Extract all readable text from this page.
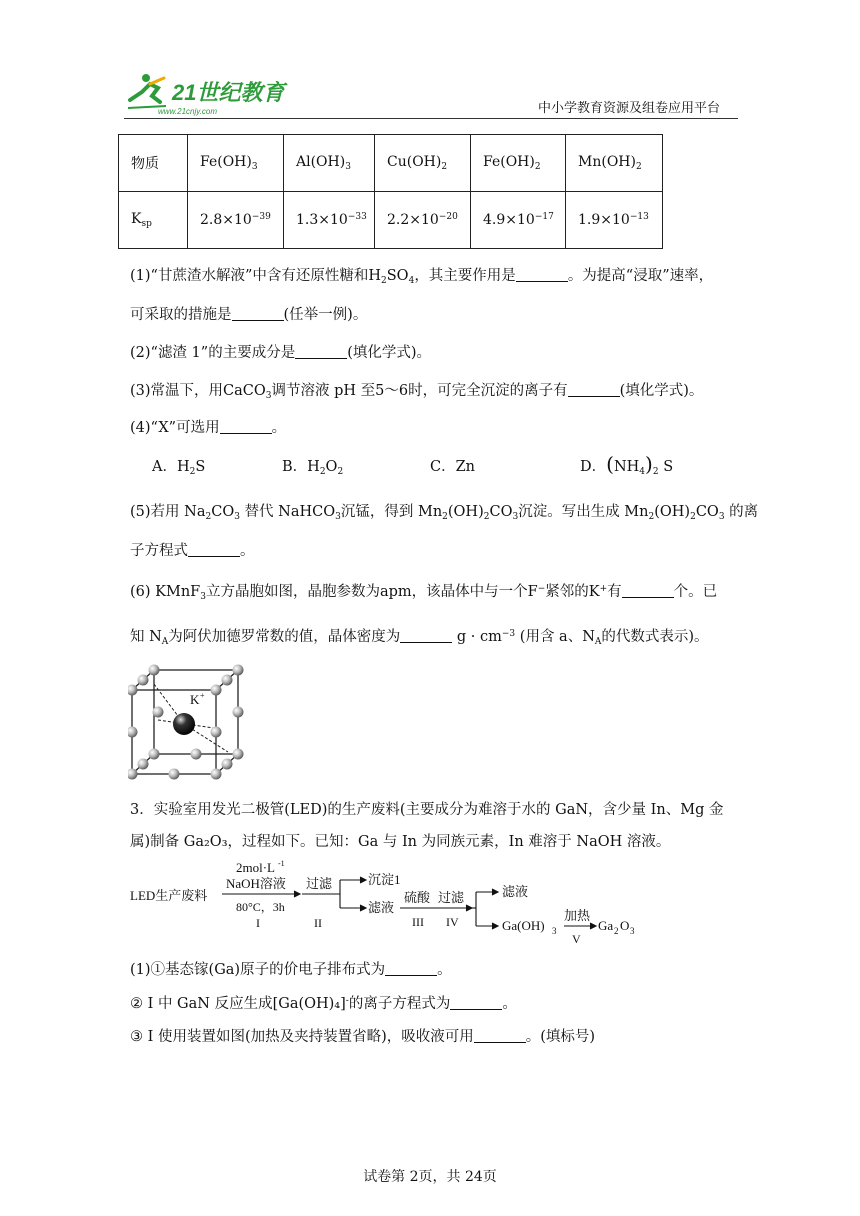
21世纪教育
www.21cnjy.com	中小学教育资源及组卷应用平台
物质	$Fe(OH)_3$	$Al(OH)_3$	$Cu(OH)_2$	$Fe(OH)_2$	$Mn(OH)_2$
$K_{sp}$	$2.8\times 10^{-39}$	$1.3\times 10^{-33}$	$2.2\times 10^{-20}$	$4.9\times 10^{-17}$	$1.9\times 10^{-13}$
(1)“甘蔗渣水解液”中含有还原性糖和$H_2SO_4$，其主要作用是	。为提高“浸取”速率，
可采取的措施是	(任举一例)。
(2)“滤渣 1”的主要成分是	(填化学式)。
(3)常温下，用CaCO$_3$调节溶液 pH 至5～6时，可完全沉淀的离子有	(填化学式)。
(4)“X”可选用	。
A．$H_2S$	B．$H_2O_2$	C．Zn	D．$(NH_4)_2$ S
(5)若用 $Na_2CO_3$ 替代 NaHCO$_3$沉锰，得到 $Mn_2(OH)_2CO_3$沉淀。写出生成 $Mn_2(OH)_2CO_3$ 的离
子方程式	。
(6) KMnF$_3$立方晶胞如图，晶胞参数为apm，该晶体中与一个F−紧邻的K+有	个。已
知 $N_A$为阿伏加德罗常数的值，晶体密度为	$g \cdot cm^{-3}$ (用含 a、$N_A$的代数式表示)。
K +
3．实验室用发光二极管(LED)的生产废料(主要成分为难溶于水的 GaN，含少量 In、Mg 金
属)制备 Ga₂O₃，过程如下。已知：Ga 与 In 为同族元素，In 难溶于 NaOH 溶液。
LED生产废料
2mol·L -1
NaOH溶液
80°C，3h
I
过滤
II
沉淀1
滤液
硫酸
III
过滤
IV
滤液
Ga(OH) 3
加热
V
Ga 2 O 3
(1)①基态镓(Ga)原子的价电子排布式为	。
② I 中 GaN 反应生成[Ga(OH)₄]-的离子方程式为	。
③ I 使用装置如图(加热及夹持装置省略)，吸收液可用	。(填标号)
试卷第 2页，共 24页
